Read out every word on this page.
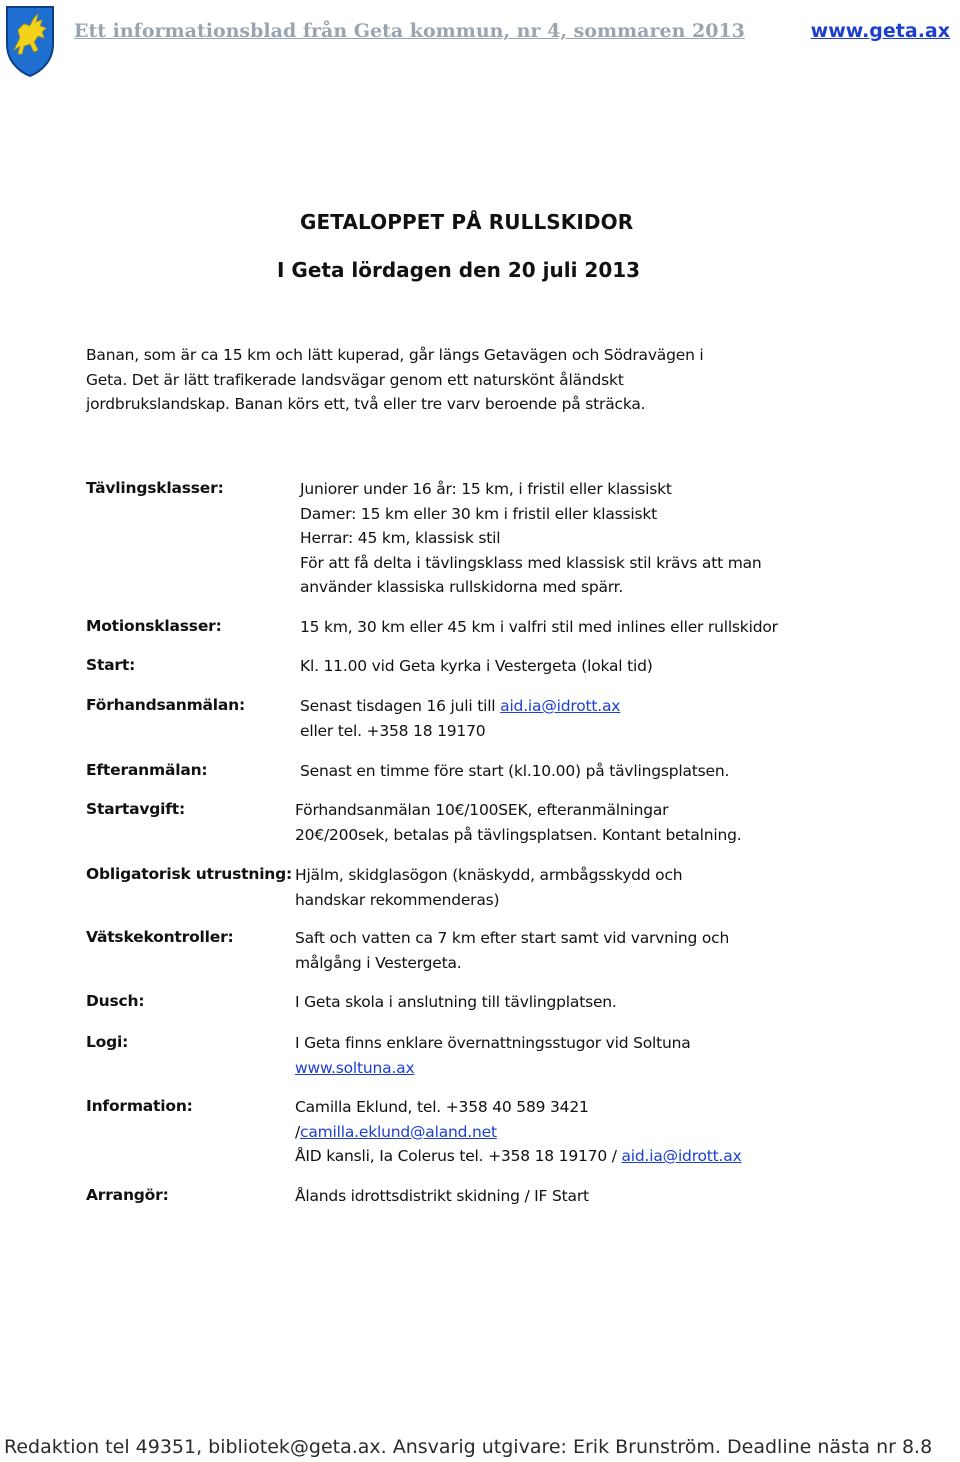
Ett informationsblad från Geta kommun, nr 4, sommaren 2013	www.geta.ax
GETALOPPET PÅ RULLSKIDOR
I Geta lördagen den 20 juli 2013
Banan, som är ca 15 km och lätt kuperad, går längs Getavägen och Södravägen i
Geta. Det är lätt trafikerade landsvägar genom ett naturskönt åländskt
jordbrukslandskap. Banan körs ett, två eller tre varv beroende på sträcka.
Tävlingsklasser:	Juniorer under 16 år: 15 km, i fristil eller klassiskt
Damer: 15 km eller 30 km i fristil eller klassiskt
Herrar: 45 km, klassisk stil
För att få delta i tävlingsklass med klassisk stil krävs att man
använder klassiska rullskidorna med spärr.
Motionsklasser:	15 km, 30 km eller 45 km i valfri stil med inlines eller rullskidor
Start:	Kl. 11.00 vid Geta kyrka i Vestergeta (lokal tid)
Förhandsanmälan:	Senast tisdagen 16 juli till aid.ia@idrott.ax
eller tel. +358 18 19170
Efteranmälan:	Senast en timme före start (kl.10.00) på tävlingsplatsen.
Startavgift:	Förhandsanmälan 10€/100SEK, efteranmälningar
20€/200sek, betalas på tävlingsplatsen. Kontant betalning.
Obligatorisk utrustning: Hjälm, skidglasögon (knäskydd, armbågsskydd och
handskar rekommenderas)
Vätskekontroller:	Saft och vatten ca 7 km efter start samt vid varvning och
målgång i Vestergeta.
Dusch:	I Geta skola i anslutning till tävlingplatsen.
Logi:	I Geta finns enklare övernattningsstugor vid Soltuna
www.soltuna.ax
Information:	Camilla Eklund, tel. +358 40 589 3421
/camilla.eklund@aland.net
ÅID kansli, Ia Colerus tel. +358 18 19170 / aid.ia@idrott.ax
Arrangör:	Ålands idrottsdistrikt skidning / IF Start
Redaktion tel 49351, bibliotek@geta.ax. Ansvarig utgivare: Erik Brunström. Deadline nästa nr 8.8
